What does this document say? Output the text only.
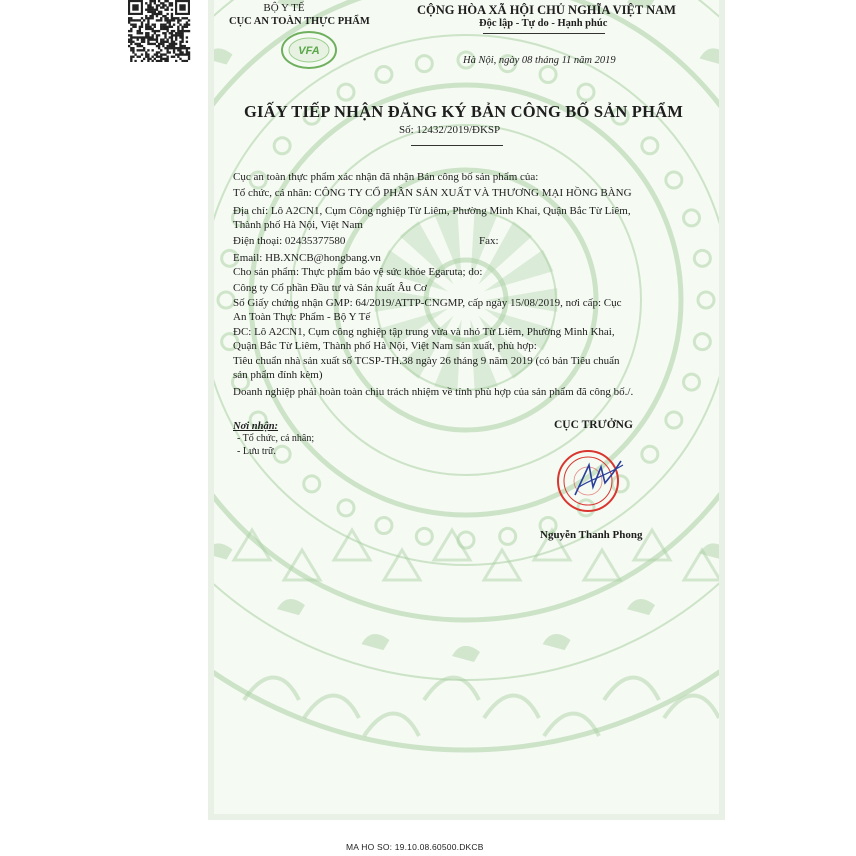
BỘ Y TẾ
CỤC AN TOÀN THỰC PHẨM
VFA
CỘNG HÒA XÃ HỘI CHỦ NGHĨA VIỆT NAM
Độc lập - Tự do - Hạnh phúc
Hà Nội, ngày 08 tháng 11 năm 2019
GIẤY TIẾP NHẬN ĐĂNG KÝ BẢN CÔNG BỐ SẢN PHẨM
Số: 12432/2019/ĐKSP
Cục an toàn thực phẩm xác nhận đã nhận Bản công bố sản phẩm của:
Tổ chức, cá nhân: CÔNG TY CỔ PHẦN SẢN XUẤT VÀ THƯƠNG MẠI HỒNG BÀNG
Địa chỉ: Lô A2CN1, Cụm Công nghiệp Từ Liêm, Phường Minh Khai, Quận Bắc Từ Liêm,
Thành phố Hà Nội, Việt Nam
Điện thoại: 02435377580	Fax:
Email: HB.XNCB@hongbang.vn
Cho sản phẩm: Thực phẩm bảo vệ sức khỏe Egaruta; do:
Công ty Cổ phần Đầu tư và Sản xuất Âu Cơ
Số Giấy chứng nhận GMP: 64/2019/ATTP-CNGMP, cấp ngày 15/08/2019, nơi cấp: Cục
An Toàn Thực Phẩm - Bộ Y Tế
ĐC: Lô A2CN1, Cụm công nghiệp tập trung vừa và nhỏ Từ Liêm, Phường Minh Khai,
Quận Bắc Từ Liêm, Thành phố Hà Nội, Việt Nam sản xuất, phù hợp:
Tiêu chuẩn nhà sản xuất số TCSP-TH.38 ngày 26 tháng 9 năm 2019 (có bản Tiêu chuẩn
sản phẩm đính kèm)
Doanh nghiệp phải hoàn toàn chịu trách nhiệm về tính phù hợp của sản phẩm đã công bố./.
Nơi nhận:
- Tổ chức, cá nhân;
- Lưu trữ.
CỤC TRƯỞNG
Nguyễn Thanh Phong
MA HO SO: 19.10.08.60500.DKCB
